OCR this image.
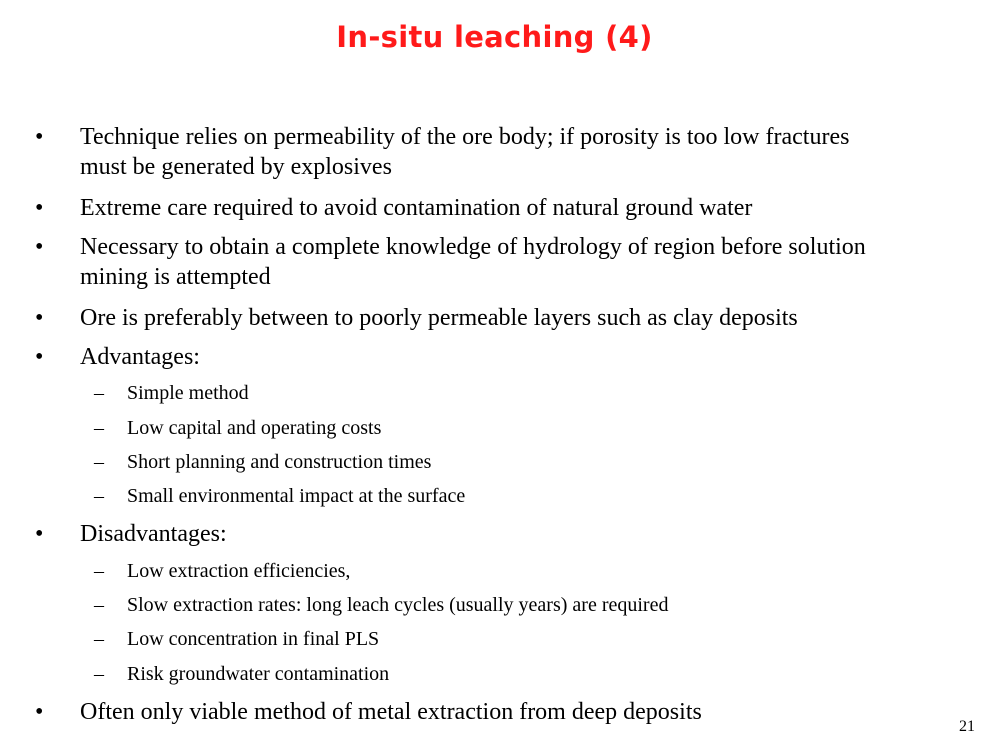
In-situ leaching (4)
• Technique relies on permeability of the ore body; if porosity is too low fractures must be generated by explosives
• Extreme care required to avoid contamination of natural ground water
• Necessary to obtain a complete knowledge of hydrology of region before solution mining is attempted
• Ore is preferably between to poorly permeable layers such as clay deposits
• Advantages:
– Simple method
– Low capital and operating costs
– Short planning and construction times
– Small environmental impact at the surface
• Disadvantages:
– Low extraction efficiencies,
– Slow extraction rates: long leach cycles (usually years) are required
– Low concentration in final PLS
– Risk groundwater contamination
• Often only viable method of metal extraction from deep deposits
21
